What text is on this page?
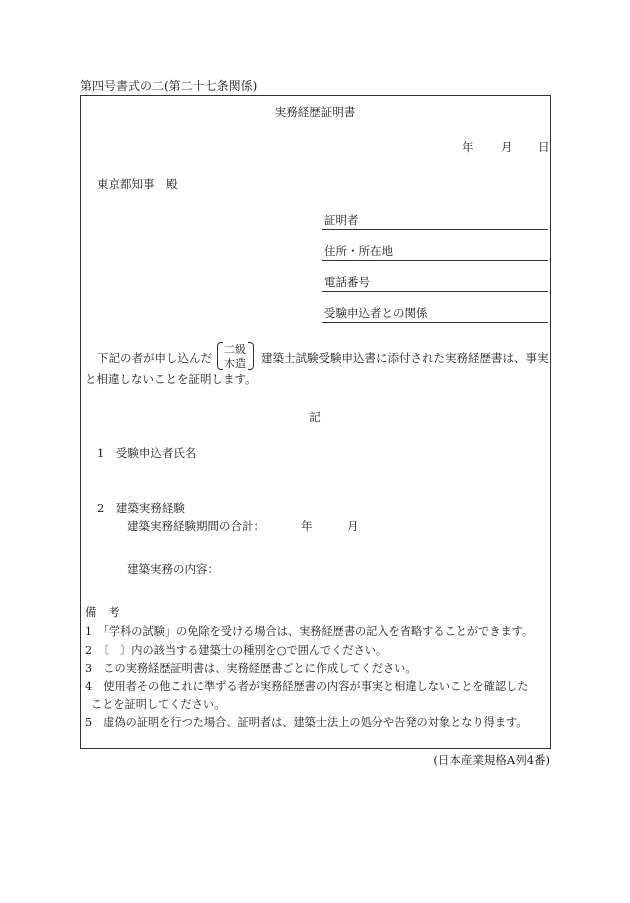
第四号書式の二(第二十七条関係)
実務経歴証明書
年 月 日
東京都知事　殿
証明者
住所・所在地
電話番号
受験申込者との関係
下記の者が申し込んだ
二級
木造 建築士試験受験申込書に添付された実務経歴書は、事実
と相違しないことを証明します。
記
1　受験申込者氏名
2　建築実務経験
建築実務経験期間の合計：	年	月
建築実務の内容：
備　考
1　「学科の試験」の免除を受ける場合は、実務経歴書の記入を省略することができます。
2　〔　〕内の該当する建築士の種別を○で囲んでください。
3　この実務経歴証明書は、実務経歴書ごとに作成してください。
4　使用者その他これに準ずる者が実務経歴書の内容が事実と相違しないことを確認した
ことを証明してください。
5　虚偽の証明を行つた場合、証明者は、建築士法上の処分や告発の対象となり得ます。
(日本産業規格A列4番)
